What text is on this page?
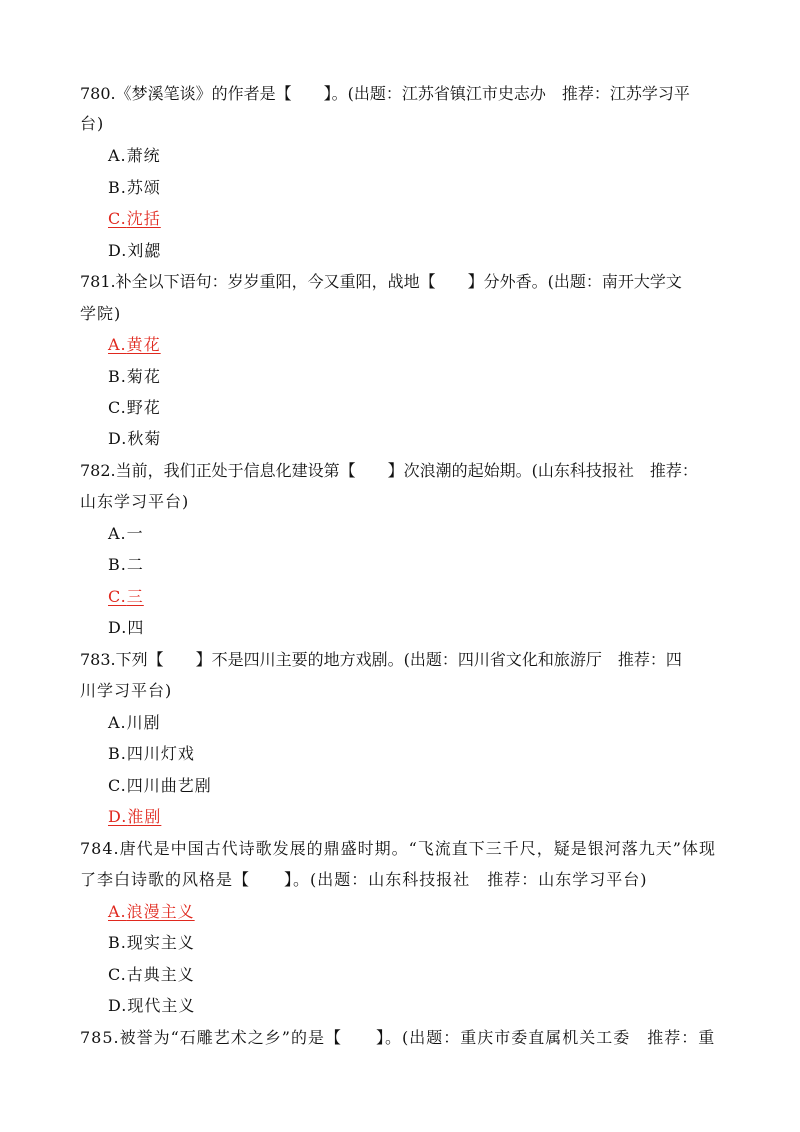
780.《梦溪笔谈》的作者是【　　】。(出题：江苏省镇江市史志办　推荐：江苏学习平
台)
A.萧统
B.苏颂
C.沈括
D.刘勰
781.补全以下语句：岁岁重阳，今又重阳，战地【　　】分外香。(出题：南开大学文
学院)
A.黄花
B.菊花
C.野花
D.秋菊
782.当前，我们正处于信息化建设第【　　】次浪潮的起始期。(山东科技报社　推荐：
山东学习平台)
A.一
B.二
C.三
D.四
783.下列【　　】不是四川主要的地方戏剧。(出题：四川省文化和旅游厅　推荐：四
川学习平台)
A.川剧
B.四川灯戏
C.四川曲艺剧
D.淮剧
784.唐代是中国古代诗歌发展的鼎盛时期。“飞流直下三千尺，疑是银河落九天”体现
了李白诗歌的风格是【　　】。(出题：山东科技报社　推荐：山东学习平台)
A.浪漫主义
B.现实主义
C.古典主义
D.现代主义
785.被誉为“石雕艺术之乡”的是【　　】。(出题：重庆市委直属机关工委　推荐：重
